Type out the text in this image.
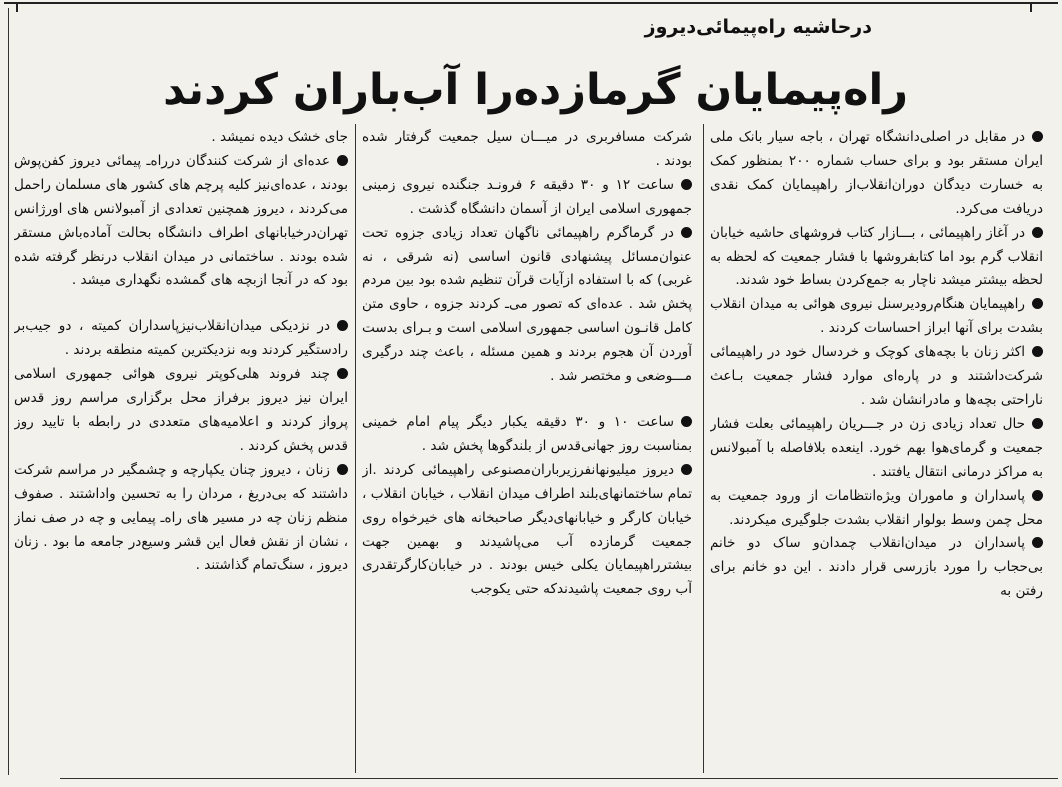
درحاشیه راه‌پیمائی‌دیروز
راه‌پیمایان گرمازده‌را آب‌باران کردند

در مقابل در اصلی‌دانشگاه تهران ، باجه سیار بانک ملی ایران مستقر بود و برای حساب شماره ۲۰۰ بمنظور کمک به خسارت دیدگان دوران‌انقلاب‌از راهپیمایان کمک نقدی دریافت می‌کرد.

در آغاز راهپیمائی ، بـــازار کتاب فروشهای حاشیه خیابان انقلاب گرم بود اما کتابفروشها با فشار جمعیت که لحظه به لحظه بیشتر میشد ناچار به جمع‌کردن بساط خود شدند.

راهپیمایان هنگام‌رو‌دیرسنل نیروی هوائی به میدان انقلاب بشدت برای آنها ابراز احساسات کردند .

اکثر زنان با بچه‌های کوچک و خردسال خود در راهپیمائی شرکت‌داشتند و در پاره‌ای موارد فشار جمعیت بـاعث ناراحتی بچه‌ها و مادرانشان شد .

حال تعداد زیادی زن در جـــریان راهپیمائی بعلت فشار جمعیت و گرمای‌هوا بهم خورد. اینعده بلافاصله با آمبولانس به مراکز درمانی انتقال یافتند .

پاسداران و ماموران ویژه‌انتظامات از ورود جمعیت به محل چمن وسط بولوار انقلاب بشدت جلوگیری میکردند.

پاسداران در میدان‌انقلاب چمدان‌و ساک دو خانم بی‌حجاب را مورد بازرسی قرار دادند . این دو خانم برای رفتن به

شرکت مسافربری در میـــان سیل جمعیت گرفتار شده بودند .

ساعت ۱۲ و ۳۰ دقیقه ۶ فرونـد جنگنده نیروی زمینی جمهوری اسلامی ایران از آسمان دانشگاه گذشت .

در گرماگرم راهپیمائی ناگهان تعداد زیادی جزوه تحت عنوان‌مسائل پیشنهادی قانون اساسی (نه شرقی ، نه غربی) که با استفاده ازآیات قرآن تنظیم شده بود بین مردم پخش شد . عده‌ای که تصور می‌ـ کردند جزوه ، حاوی متن کامل قانـون اساسی جمهوری اسلامی است و بـرای بدست آوردن آن هجوم بردند و همین مسئله ، باعث چند درگیری مـــوضعی و مختصر شد .

ساعت ۱۰ و ۳۰ دقیقه یکبار دیگر پیام امام خمینی بمناسبت روز جهانی‌قدس از بلندگوها پخش شد .

دیروز میلیونهانفرزیرباران‌مصنوعی راهپیمائی کردند .از تمام ساختمانهای‌بلند اطراف میدان انقلاب ، خیابان انقلاب ، خیابان کارگر و خیابانهای‌دیگر صاحبخانه های خیرخواه روی جمعیت گرمازده آب می‌پاشیدند و بهمین جهت بیشتر‌راهپیمایان یکلی خیس بودند . در خیابان‌کارگرتقدری آب روی جمعیت پاشیدندکه حتی یکوجب

جای خشک دیده نمیشد .

عده‌ای از شرکت کنندگان درراه‌ـ پیمائی دیروز کفن‌پوش بودند ، عده‌ای‌نیز کلیه پرچم های کشور های مسلمان راحمل می‌کردند ، دیروز همچنین تعدادی از آمبولانس های اورژانس تهران‌درخیابانهای اطراف دانشگاه بحالت آماده‌باش مستقر شده بودند . ساختمانی در میدان انقلاب درنظر گرفته شده بود که در آنجا ازبچه های گمشده نگهداری میشد .

در نزدیکی میدان‌انقلاب‌نیزپاسداران کمیته ، دو جیب‌بر رادستگیر کردند وبه نزدیکترین کمیته منطقه بردند .

چند فروند هلی‌کوپتر نیروی هوائی جمهوری اسلامی ایران نیز دیروز برفراز محل برگزاری مراسم روز قدس پرواز کردند و اعلامیه‌های متعددی در رابطه با تایید روز قدس پخش کردند .

زنان ، دیروز چنان یکپارچه و چشمگیر در مراسم شرکت داشتند که بی‌دریغ ، مردان را به تحسین واداشتند . صفوف منظم زنان چه در مسیر های راه‌ـ پیمایی و چه در صف نماز ، نشان از نقش فعال این قشر وسیع‌در جامعه ما بود . زنان دیروز ، سنگ‌تمام گذاشتند .
